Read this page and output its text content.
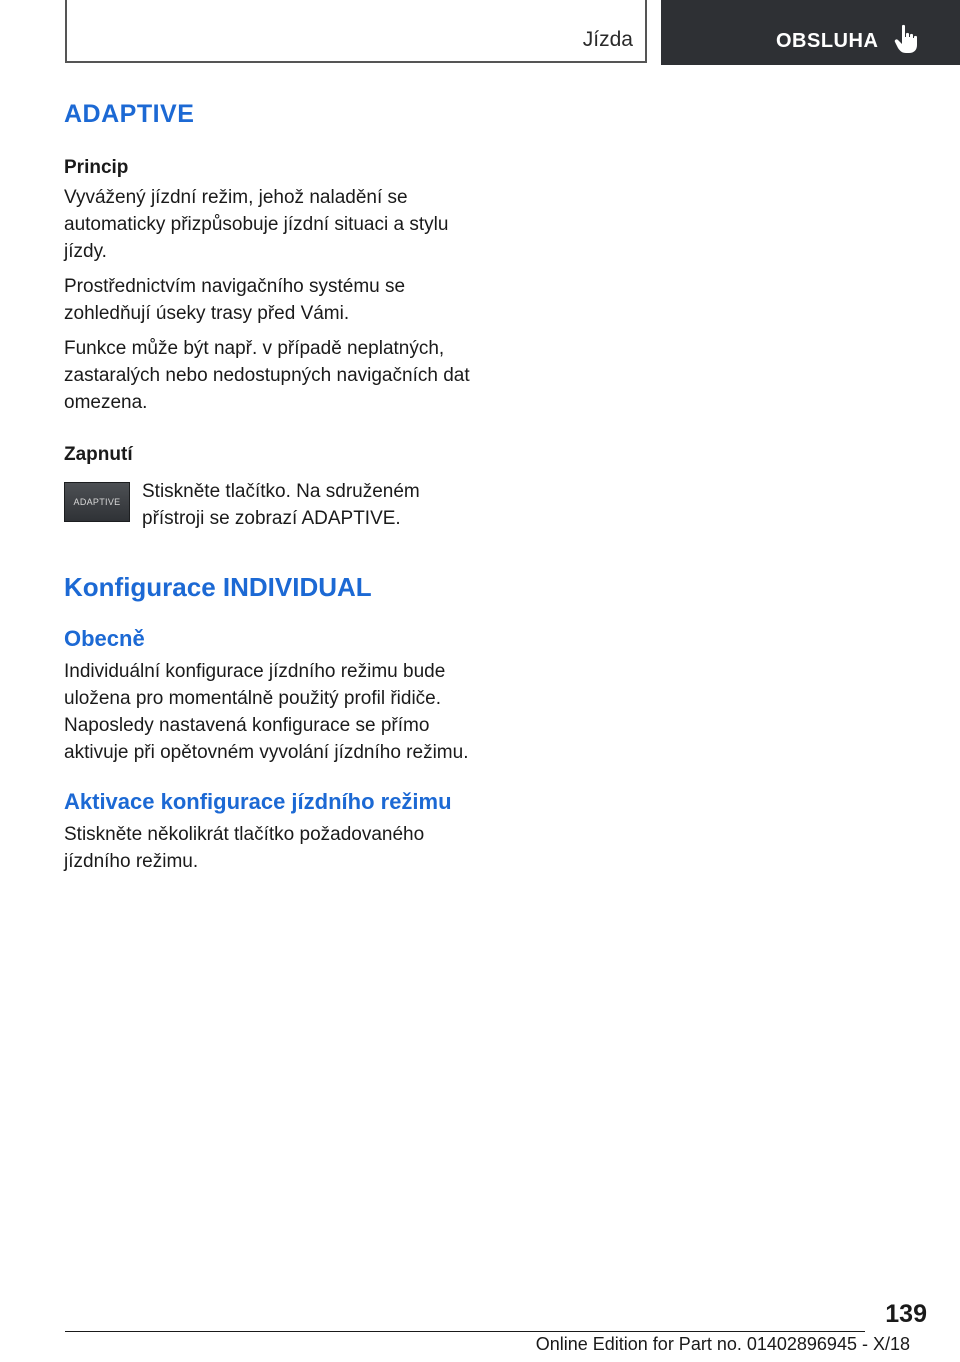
Jízda	OBSLUHA
ADAPTIVE
Princip

Vyvážený jízdní režim, jehož naladění se automaticky přizpůsobuje jízdní situaci a stylu jízdy.

Prostřednictvím navigačního systému se zohledňují úseky trasy před Vámi.

Funkce může být např. v případě neplatných, zastaralých nebo nedostupných navigačních dat omezena.

Zapnutí
ADAPTIVE Stiskněte tlačítko. Na sdruženém přístroji se zobrazí ADAPTIVE.

Konfigurace INDIVIDUAL
Obecně

Individuální konfigurace jízdního režimu bude uložena pro momentálně použitý profil řidiče. Naposledy nastavená konfigurace se přímo aktivuje při opětovném vyvolání jízdního režimu.

Aktivace konfigurace jízdního režimu

Stiskněte několikrát tlačítko požadovaného jízdního režimu.

139
Online Edition for Part no. 01402896945 - X/18
